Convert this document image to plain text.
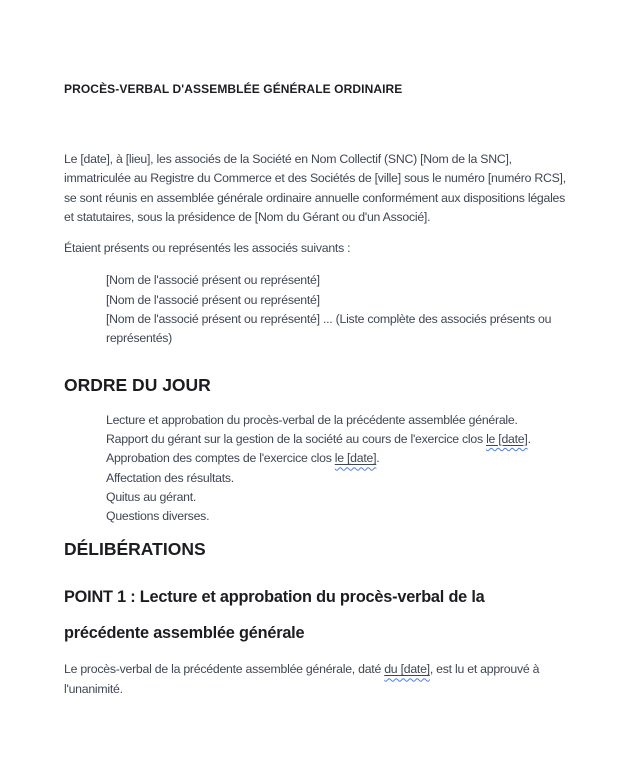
PROCÈS-VERBAL D'ASSEMBLÉE GÉNÉRALE ORDINAIRE

Le [date], à [lieu], les associés de la Société en Nom Collectif (SNC) [Nom de la SNC], immatriculée au Registre du Commerce et des Sociétés de [ville] sous le numéro [numéro RCS], se sont réunis en assemblée générale ordinaire annuelle conformément aux dispositions légales et statutaires, sous la présidence de [Nom du Gérant ou d'un Associé].

Étaient présents ou représentés les associés suivants :

[Nom de l'associé présent ou représenté]
[Nom de l'associé présent ou représenté]
[Nom de l'associé présent ou représenté] ... (Liste complète des associés présents ou représentés)
ORDRE DU JOUR
Lecture et approbation du procès-verbal de la précédente assemblée générale.
Rapport du gérant sur la gestion de la société au cours de l'exercice clos le [date].
Approbation des comptes de l'exercice clos le [date].
Affectation des résultats.
Quitus au gérant.
Questions diverses.
DÉLIBÉRATIONS
POINT 1 : Lecture et approbation du procès-verbal de la précédente assemblée générale

Le procès-verbal de la précédente assemblée générale, daté du [date], est lu et approuvé à l'unanimité.
